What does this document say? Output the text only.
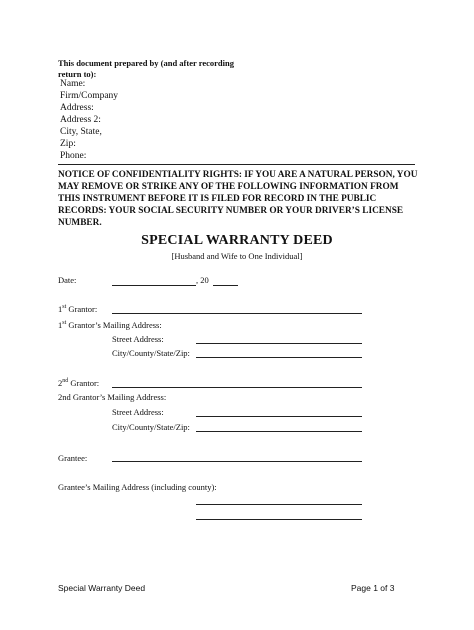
This document prepared by (and after recording return to):
Name:
Firm/Company
Address:
Address 2:
City, State,
Zip:
Phone:
NOTICE OF CONFIDENTIALITY RIGHTS: IF YOU ARE A NATURAL PERSON, YOU MAY REMOVE OR STRIKE ANY OF THE FOLLOWING INFORMATION FROM THIS INSTRUMENT BEFORE IT IS FILED FOR RECORD IN THE PUBLIC RECORDS: YOUR SOCIAL SECURITY NUMBER OR YOUR DRIVER’S LICENSE NUMBER.
SPECIAL WARRANTY DEED
[Husband and Wife to One Individual]
Date:	, 20
1st Grantor:
1st Grantor’s Mailing Address:
Street Address:
City/County/State/Zip:
2nd Grantor:
2nd Grantor’s Mailing Address:
Street Address:
City/County/State/Zip:
Grantee:
Grantee’s Mailing Address (including county):
Special Warranty Deed	Page 1 of 3
